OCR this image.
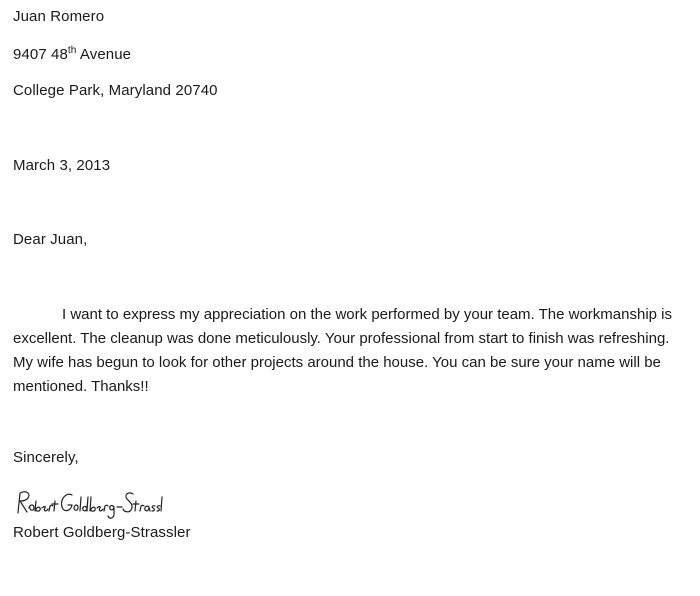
Juan Romero
9407 48th Avenue
College Park, Maryland 20740
March 3, 2013
Dear Juan,
I want to express my appreciation on the work performed by your team. The workmanship is excellent. The cleanup was done meticulously. Your professional from start to finish was refreshing. My wife has begun to look for other projects around the house. You can be sure your name will be mentioned. Thanks!!
Sincerely,
Robert Goldberg-Strassler
